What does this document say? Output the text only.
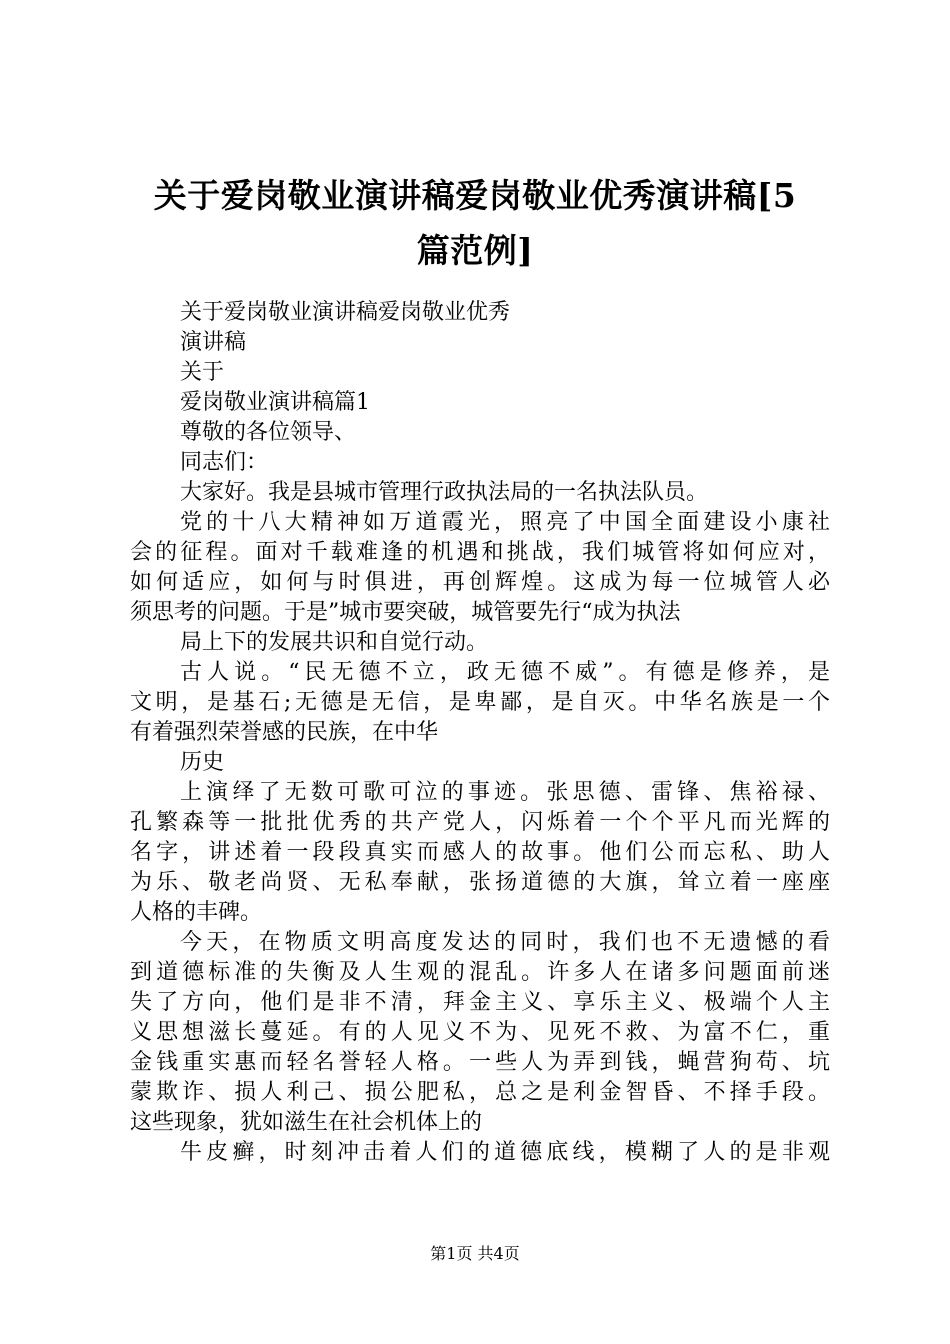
关于爱岗敬业演讲稿爱岗敬业优秀演讲稿[5
篇范例]
关于爱岗敬业演讲稿爱岗敬业优秀
演讲稿
关于
爱岗敬业演讲稿篇1
尊敬的各位领导、
同志们：
大家好。我是县城市管理行政执法局的一名执法队员。
党的十八大精神如万道霞光，照亮了中国全面建设小康社
会的征程。面对千载难逢的机遇和挑战，我们城管将如何应对，
如何适应，如何与时俱进，再创辉煌。这成为每一位城管人必
须思考的问题。于是”城市要突破，城管要先行“成为执法
局上下的发展共识和自觉行动。
古人说。“民无德不立，政无德不威”。有德是修养，是
文明，是基石;无德是无信，是卑鄙，是自灭。中华名族是一个
有着强烈荣誉感的民族，在中华
历史
上演绎了无数可歌可泣的事迹。张思德、雷锋、焦裕禄、
孔繁森等一批批优秀的共产党人，闪烁着一个个平凡而光辉的
名字，讲述着一段段真实而感人的故事。他们公而忘私、助人
为乐、敬老尚贤、无私奉献，张扬道德的大旗，耸立着一座座
人格的丰碑。
今天，在物质文明高度发达的同时，我们也不无遗憾的看
到道德标准的失衡及人生观的混乱。许多人在诸多问题面前迷
失了方向，他们是非不清，拜金主义、享乐主义、极端个人主
义思想滋长蔓延。有的人见义不为、见死不救、为富不仁，重
金钱重实惠而轻名誉轻人格。一些人为弄到钱，蝇营狗苟、坑
蒙欺诈、损人利己、损公肥私，总之是利金智昏、不择手段。
这些现象，犹如滋生在社会机体上的
牛皮癣，时刻冲击着人们的道德底线，模糊了人的是非观
第1页 共4页
